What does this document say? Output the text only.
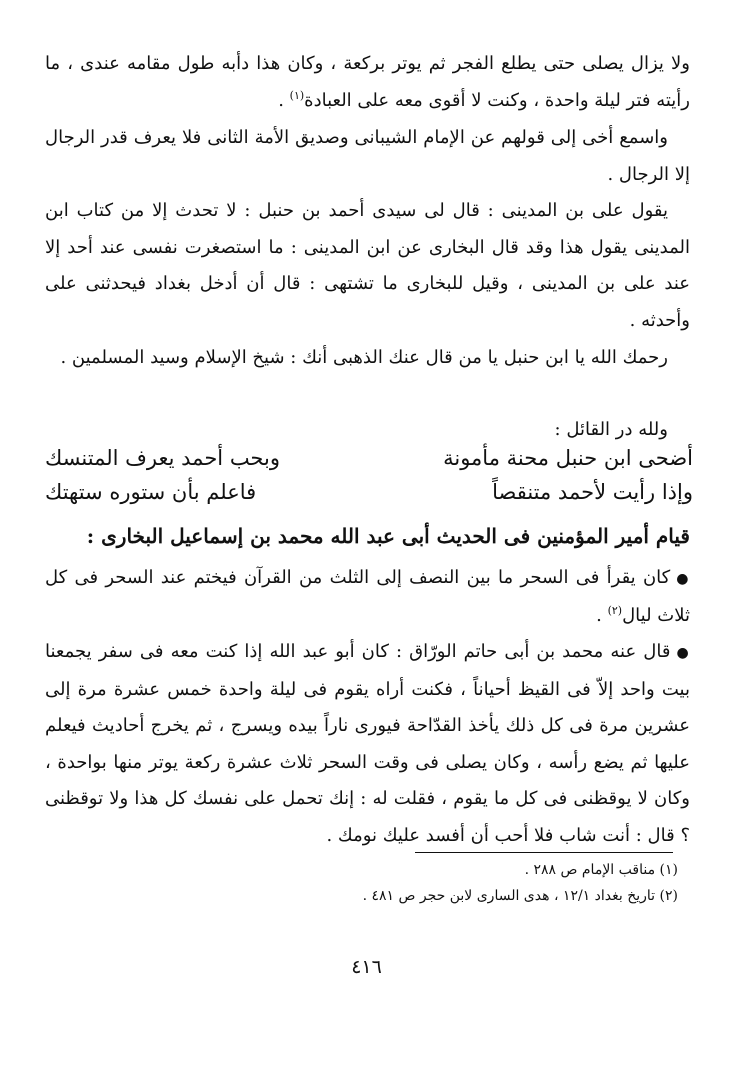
ولا يزال يصلى حتى يطلع الفجر ثم يوتر بركعة ، وكان هذا دأبه طول مقامه عندى ، ما رأيته فتر ليلة واحدة ، وكنت لا أقوى معه على العبادة$^{(١)}$ .

واسمع أخى إلى قولهم عن الإمام الشيبانى وصديق الأمة الثانى فلا يعرف قدر الرجال إلا الرجال .

يقول على بن المدينى : قال لى سيدى أحمد بن حنبل : لا تحدث إلا من كتاب ابن المدينى يقول هذا وقد قال البخارى عن ابن المدينى : ما استصغرت نفسى عند أحد إلا عند على بن المدينى ، وقيل للبخارى ما تشتهى : قال أن أدخل بغداد فيحدثنى على وأحدثه .

رحمك الله يا ابن حنبل يا من قال عنك الذهبى أنك : شيخ الإسلام وسيد المسلمين .

ولله در القائل :

أضحى ابن حنبل محنة مأمونة
وبحب أحمد يعرف المتنسك
وإذا رأيت لأحمد متنقصاً
فاعلم بأن ستوره ستهتك

قيام أمير المؤمنين فى الحديث أبى عبد الله محمد بن إسماعيل البخارى :

●كان يقرأ فى السحر ما بين النصف إلى الثلث من القرآن فيختم عند السحر فى كل ثلاث ليال$^{(٢)}$ .

●قال عنه محمد بن أبى حاتم الورّاق : كان أبو عبد الله إذا كنت معه فى سفر يجمعنا بيت واحد إلاّ فى القيظ أحياناً ، فكنت أراه يقوم فى ليلة واحدة خمس عشرة مرة إلى عشرين مرة فى كل ذلك يأخذ القدّاحة فيورى ناراً بيده ويسرج ، ثم يخرج أحاديث فيعلم عليها ثم يضع رأسه ، وكان يصلى فى وقت السحر ثلاث عشرة ركعة يوتر منها بواحدة ، وكان لا يوقظنى فى كل ما يقوم ، فقلت له : إنك تحمل على نفسك كل هذا ولا توقظنى ؟ قال : أنت شاب فلا أحب أن أفسد عليك نومك .

(١) مناقب الإمام ص ٢٨٨ .

(٢) تاريخ بغداد ١٢/١ ، هدى السارى لابن حجر ص ٤٨١ .

٤١٦
